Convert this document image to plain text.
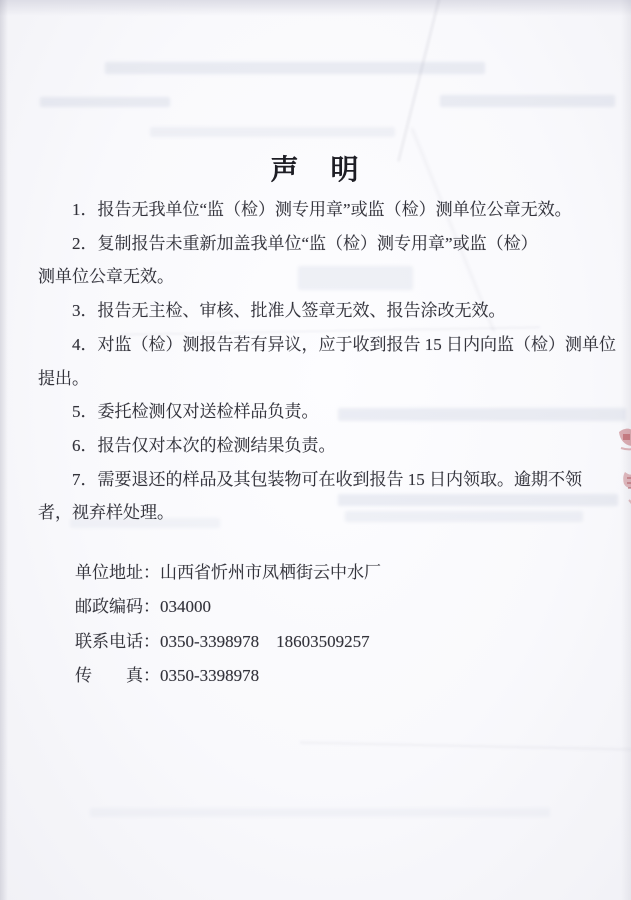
声　明
1．报告无我单位“监（检）测专用章”或监（检）测单位公章无效。
2．复制报告未重新加盖我单位“监（检）测专用章”或监（检）
测单位公章无效。
3．报告无主检、审核、批准人签章无效、报告涂改无效。
4．对监（检）测报告若有异议，应于收到报告 15 日内向监（检）测单位
提出。
5．委托检测仅对送检样品负责。
6．报告仅对本次的检测结果负责。
7．需要退还的样品及其包装物可在收到报告 15 日内领取。逾期不领
者，视弃样处理。
单位地址：山西省忻州市凤栖街云中水厂
邮政编码：034000
联系电话：0350-3398978    18603509257
传　　真：0350-3398978
